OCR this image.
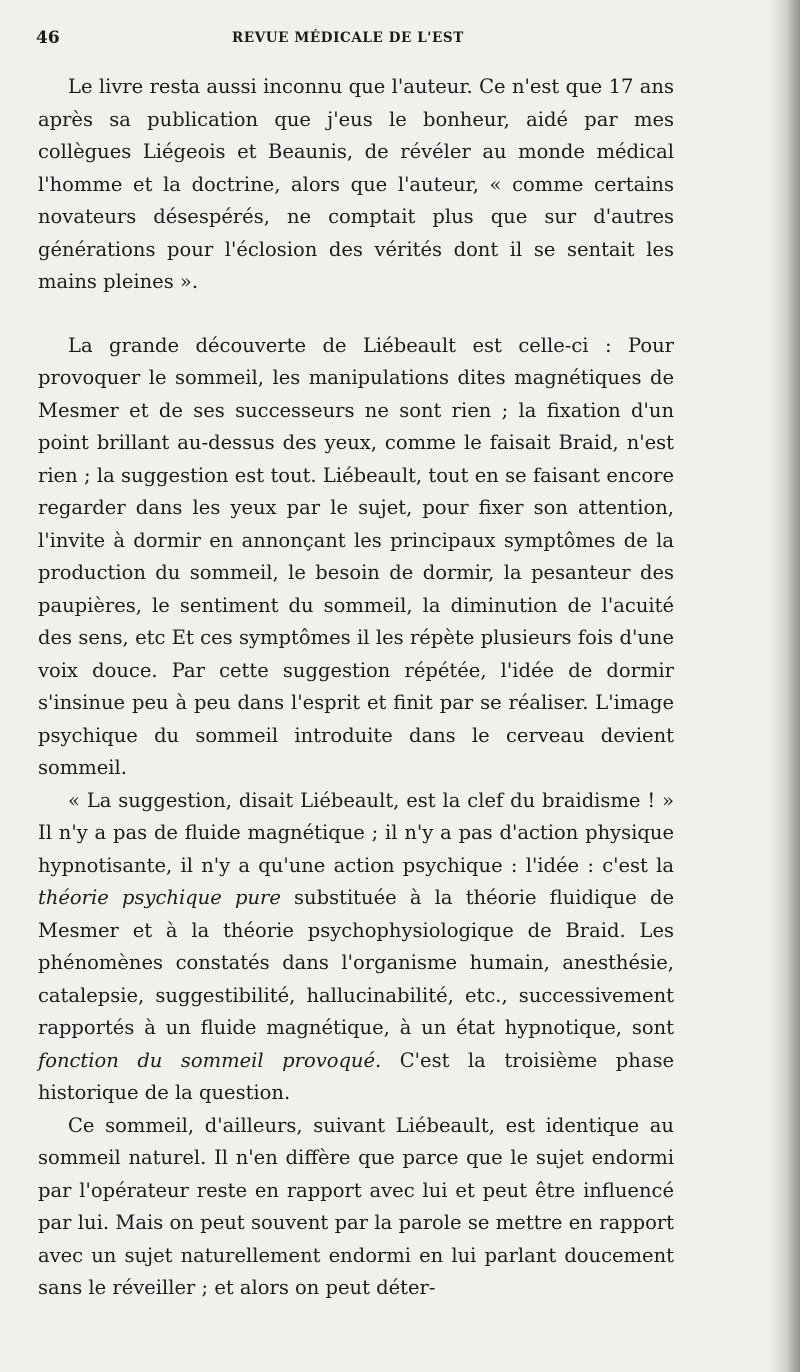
46	REVUE MÉDICALE DE L'EST

Le livre resta aussi inconnu que l'auteur. Ce n'est que 17 ans après sa publication que j'eus le bonheur, aidé par mes collègues Liégeois et Beaunis, de révéler au monde médical l'homme et la doctrine, alors que l'auteur, « comme certains novateurs désespérés, ne comptait plus que sur d'autres générations pour l'éclosion des vérités dont il se sentait les mains pleines ».

La grande découverte de Liébeault est celle-ci : Pour provoquer le sommeil, les manipulations dites magnétiques de Mesmer et de ses successeurs ne sont rien ; la fixation d'un point brillant au-dessus des yeux, comme le faisait Braid, n'est rien ; la suggestion est tout. Liébeault, tout en se faisant encore regarder dans les yeux par le sujet, pour fixer son attention, l'invite à dormir en annonçant les principaux symptômes de la production du sommeil, le besoin de dormir, la pesanteur des paupières, le sentiment du sommeil, la diminution de l'acuité des sens, etc Et ces symptômes il les répète plusieurs fois d'une voix douce. Par cette suggestion répétée, l'idée de dormir s'insinue peu à peu dans l'esprit et finit par se réaliser. L'image psychique du sommeil introduite dans le cerveau devient sommeil.

« La suggestion, disait Liébeault, est la clef du braidisme ! » Il n'y a pas de fluide magnétique ; il n'y a pas d'action physique hypnotisante, il n'y a qu'une action psychique : l'idée : c'est la théorie psychique pure substituée à la théorie fluidique de Mesmer et à la théorie psychophysiologique de Braid. Les phénomènes constatés dans l'organisme humain, anesthésie, catalepsie, suggestibilité, hallucinabilité, etc., successivement rapportés à un fluide magnétique, à un état hypnotique, sont fonction du sommeil provoqué. C'est la troisième phase historique de la question.

Ce sommeil, d'ailleurs, suivant Liébeault, est identique au sommeil naturel. Il n'en diffère que parce que le sujet endormi par l'opérateur reste en rapport avec lui et peut être influencé par lui. Mais on peut souvent par la parole se mettre en rapport avec un sujet naturellement endormi en lui parlant doucement sans le réveiller ; et alors on peut déter-
